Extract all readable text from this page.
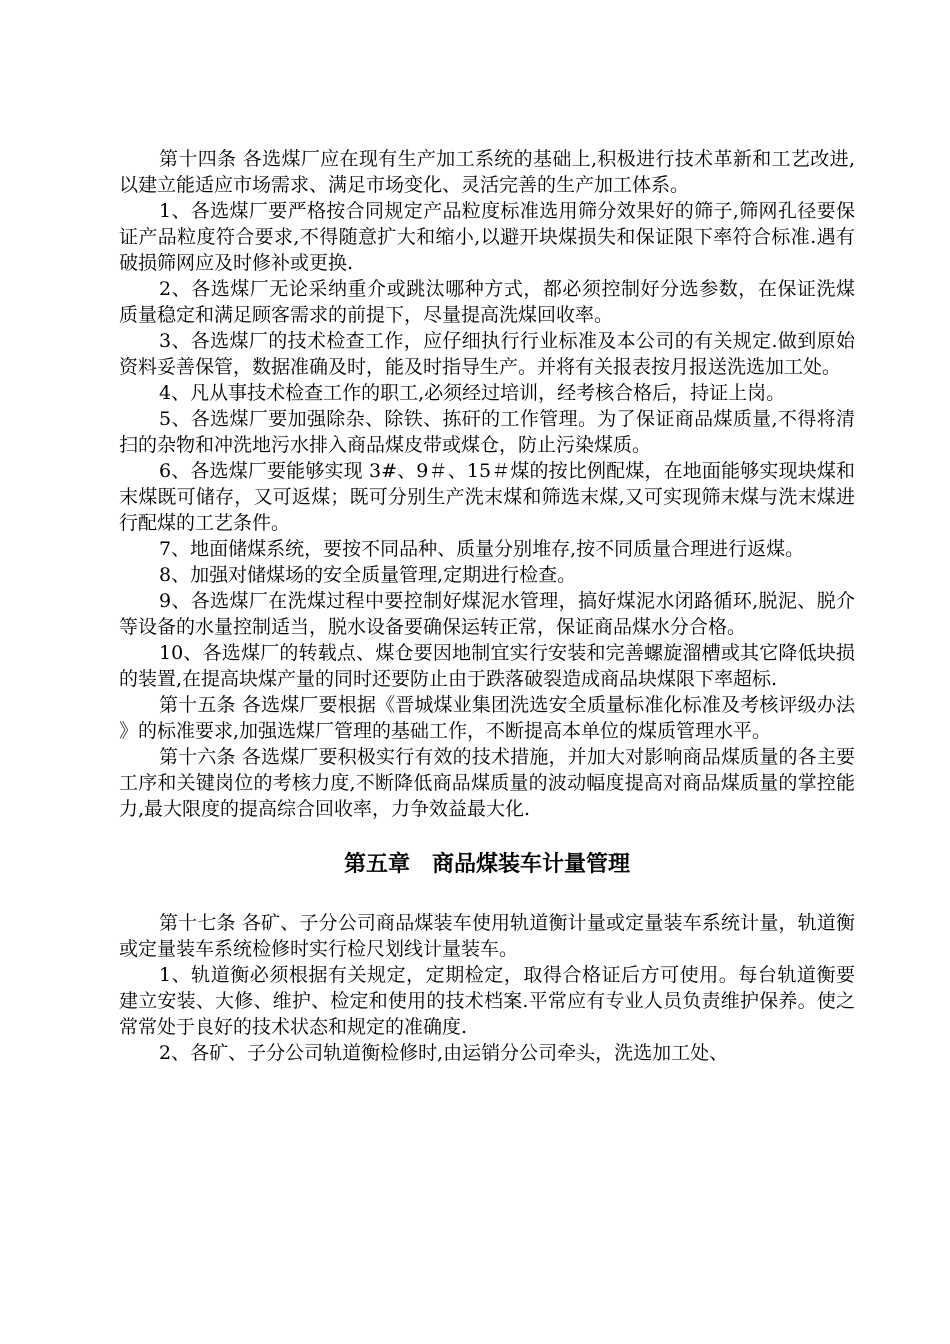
第十四条 各选煤厂应在现有生产加工系统的基础上,积极进行技术革新和工艺改进,以建立能适应市场需求、满足市场变化、灵活完善的生产加工体系。

1、各选煤厂要严格按合同规定产品粒度标准选用筛分效果好的筛子,筛网孔径要保证产品粒度符合要求,不得随意扩大和缩小,以避开块煤损失和保证限下率符合标准.遇有破损筛网应及时修补或更换.

2、各选煤厂无论采纳重介或跳汰哪种方式，都必须控制好分选参数，在保证洗煤质量稳定和满足顾客需求的前提下，尽量提高洗煤回收率。

3、各选煤厂的技术检查工作，应仔细执行行业标准及本公司的有关规定.做到原始资料妥善保管，数据准确及时，能及时指导生产。并将有关报表按月报送洗选加工处。

4、凡从事技术检查工作的职工,必须经过培训，经考核合格后，持证上岗。

5、各选煤厂要加强除杂、除铁、拣矸的工作管理。为了保证商品煤质量,不得将清扫的杂物和冲洗地污水排入商品煤皮带或煤仓，防止污染煤质。

6、各选煤厂要能够实现 3#、9＃、15＃煤的按比例配煤，在地面能够实现块煤和末煤既可储存，又可返煤；既可分别生产洗末煤和筛选末煤,又可实现筛末煤与洗末煤进行配煤的工艺条件。

7、地面储煤系统，要按不同品种、质量分别堆存,按不同质量合理进行返煤。

8、加强对储煤场的安全质量管理,定期进行检查。

9、各选煤厂在洗煤过程中要控制好煤泥水管理，搞好煤泥水闭路循环,脱泥、脱介等设备的水量控制适当，脱水设备要确保运转正常，保证商品煤水分合格。

10、各选煤厂的转载点、煤仓要因地制宜实行安装和完善螺旋溜槽或其它降低块损的装置,在提高块煤产量的同时还要防止由于跌落破裂造成商品块煤限下率超标.

第十五条 各选煤厂要根据《晋城煤业集团洗选安全质量标准化标准及考核评级办法》的标准要求,加强选煤厂管理的基础工作，不断提高本单位的煤质管理水平。

第十六条 各选煤厂要积极实行有效的技术措施，并加大对影响商品煤质量的各主要工序和关键岗位的考核力度,不断降低商品煤质量的波动幅度提高对商品煤质量的掌控能力,最大限度的提高综合回收率，力争效益最大化.

第五章　商品煤装车计量管理

第十七条 各矿、子分公司商品煤装车使用轨道衡计量或定量装车系统计量，轨道衡或定量装车系统检修时实行检尺划线计量装车。

1、轨道衡必须根据有关规定，定期检定，取得合格证后方可使用。每台轨道衡要建立安装、大修、维护、检定和使用的技术档案.平常应有专业人员负责维护保养。使之常常处于良好的技术状态和规定的准确度.

2、各矿、子分公司轨道衡检修时,由运销分公司牵头，洗选加工处、
